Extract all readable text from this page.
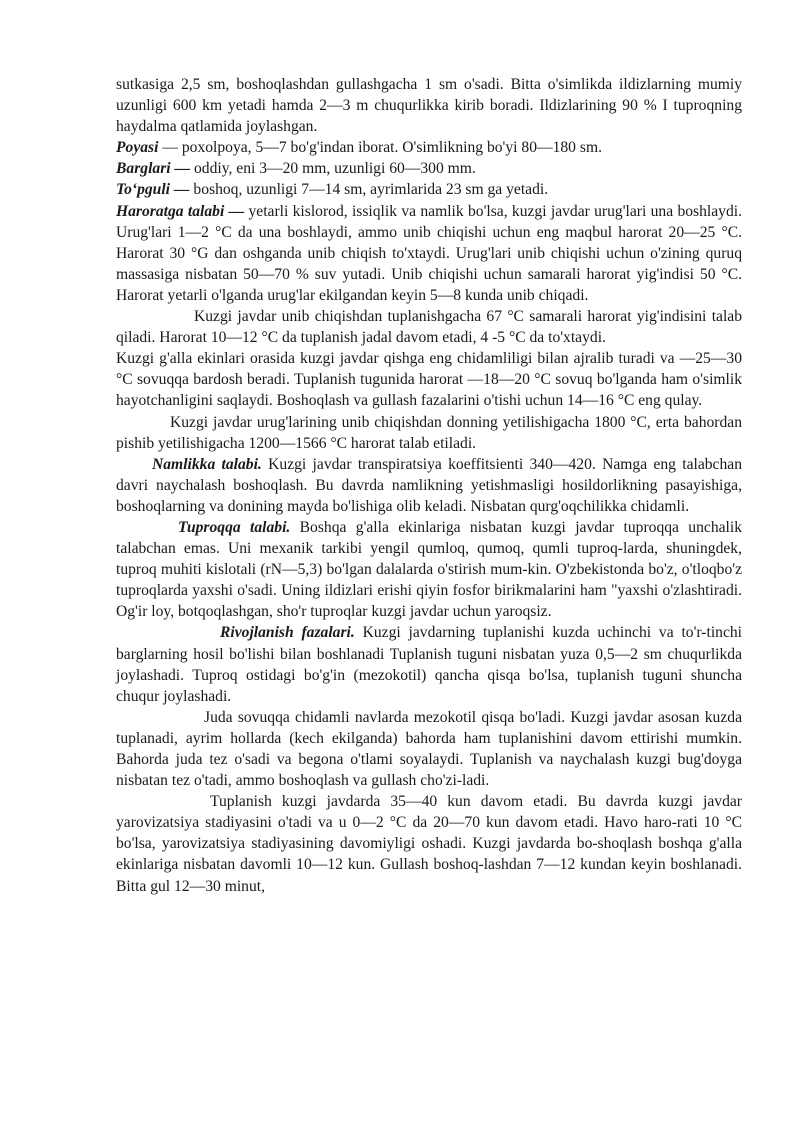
sutkasiga 2,5 sm, boshoqlashdan gullashgacha 1 sm o'sadi. Bitta o'simlikda ildizlarning mumiy uzunligi 600 km yetadi hamda 2—3 m chuqurlikka kirib boradi. Ildizlarining 90 % I tuproqning haydalma qatlamida joylashgan.

Poyasi — poxolpoya, 5—7 bo'g'indan iborat. O'simlikning bo'yi 80—180 sm.

Barglari — oddiy, eni 3—20 mm, uzunligi 60—300 mm.

To‘pguli — boshoq, uzunligi 7—14 sm, ayrimlarida 23 sm ga yetadi.

Haroratga talabi — yetarli kislorod, issiqlik va namlik bo'lsa, kuzgi javdar urug'lari una boshlaydi. Urug'lari 1—2 °C da una boshlaydi, ammo unib chiqishi uchun eng maqbul harorat 20—25 °C. Harorat 30 °G dan oshganda unib chiqish to'xtaydi. Urug'lari unib chiqishi uchun o'zining quruq massasiga nisbatan 50—70 % suv yutadi. Unib chiqishi uchun samarali harorat yig'indisi 50 °C. Harorat yetarli o'lganda urug'lar ekilgandan keyin 5—8 kunda unib chiqadi.

Kuzgi javdar unib chiqishdan tuplanishgacha 67 °C samarali harorat yig'indisini talab qiladi. Harorat 10—12 °C da tuplanish jadal davom etadi, 4 -5 °C da to'xtaydi.

Kuzgi g'alla ekinlari orasida kuzgi javdar qishga eng chidamliligi bilan ajralib turadi va —25—30 °C sovuqqa bardosh beradi. Tuplanish tugunida harorat —18—20 °C sovuq bo'lganda ham o'simlik hayotchanligini saqlaydi. Boshoqlash va gullash fazalarini o'tishi uchun 14—16 °C eng qulay.

Kuzgi javdar urug'larining unib chiqishdan donning yetilishigacha 1800 °C, erta bahordan pishib yetilishigacha 1200—1566 °C harorat talab etiladi.

Namlikka talabi. Kuzgi javdar transpiratsiya koeffitsienti 340—420. Namga eng talabchan davri naychalash boshoqlash. Bu davrda namlikning yetishmasligi hosildorlikning pasayishiga, boshoqlarning va donining mayda bo'lishiga olib keladi. Nisbatan qurg'oqchilikka chidamli.

Tuproqqa talabi. Boshqa g'alla ekinlariga nisbatan kuzgi javdar tuproqqa unchalik talabchan emas. Uni mexanik tarkibi yengil qumloq, qumoq, qumli tuproq-larda, shuningdek, tuproq muhiti kislotali (rN—5,3) bo'lgan dalalarda o'stirish mum-kin. O'zbekistonda bo'z, o'tloqbo'z tuproqlarda yaxshi o'sadi. Uning ildizlari erishi qiyin fosfor birikmalarini ham "yaxshi o'zlashtiradi. Og'ir loy, botqoqlashgan, sho'r tuproqlar kuzgi javdar uchun yaroqsiz.

Rivojlanish fazalari. Kuzgi javdarning tuplanishi kuzda uchinchi va to'r-tinchi barglarning hosil bo'lishi bilan boshlanadi Tuplanish tuguni nisbatan yuza 0,5—2 sm chuqurlikda joylashadi. Tuproq ostidagi bo'g'in (mezokotil) qancha qisqa bo'lsa, tuplanish tuguni shuncha chuqur joylashadi.

Juda sovuqqa chidamli navlarda mezokotil qisqa bo'ladi. Kuzgi javdar asosan kuzda tuplanadi, ayrim hollarda (kech ekilganda) bahorda ham tuplanishini davom ettirishi mumkin. Bahorda juda tez o'sadi va begona o'tlami soyalaydi. Tuplanish va naychalash kuzgi bug'doyga nisbatan tez o'tadi, ammo boshoqlash va gullash cho'zi-ladi.

Tuplanish kuzgi javdarda 35—40 kun davom etadi. Bu davrda kuzgi javdar yarovizatsiya stadiyasini o'tadi va u 0—2 °C da 20—70 kun davom etadi. Havo haro-rati 10 °C bo'lsa, yarovizatsiya stadiyasining davomiyligi oshadi. Kuzgi javdarda bo-shoqlash boshqa g'alla ekinlariga nisbatan davomli 10—12 kun. Gullash boshoq-lashdan 7—12 kundan keyin boshlanadi. Bitta gul 12—30 minut,
